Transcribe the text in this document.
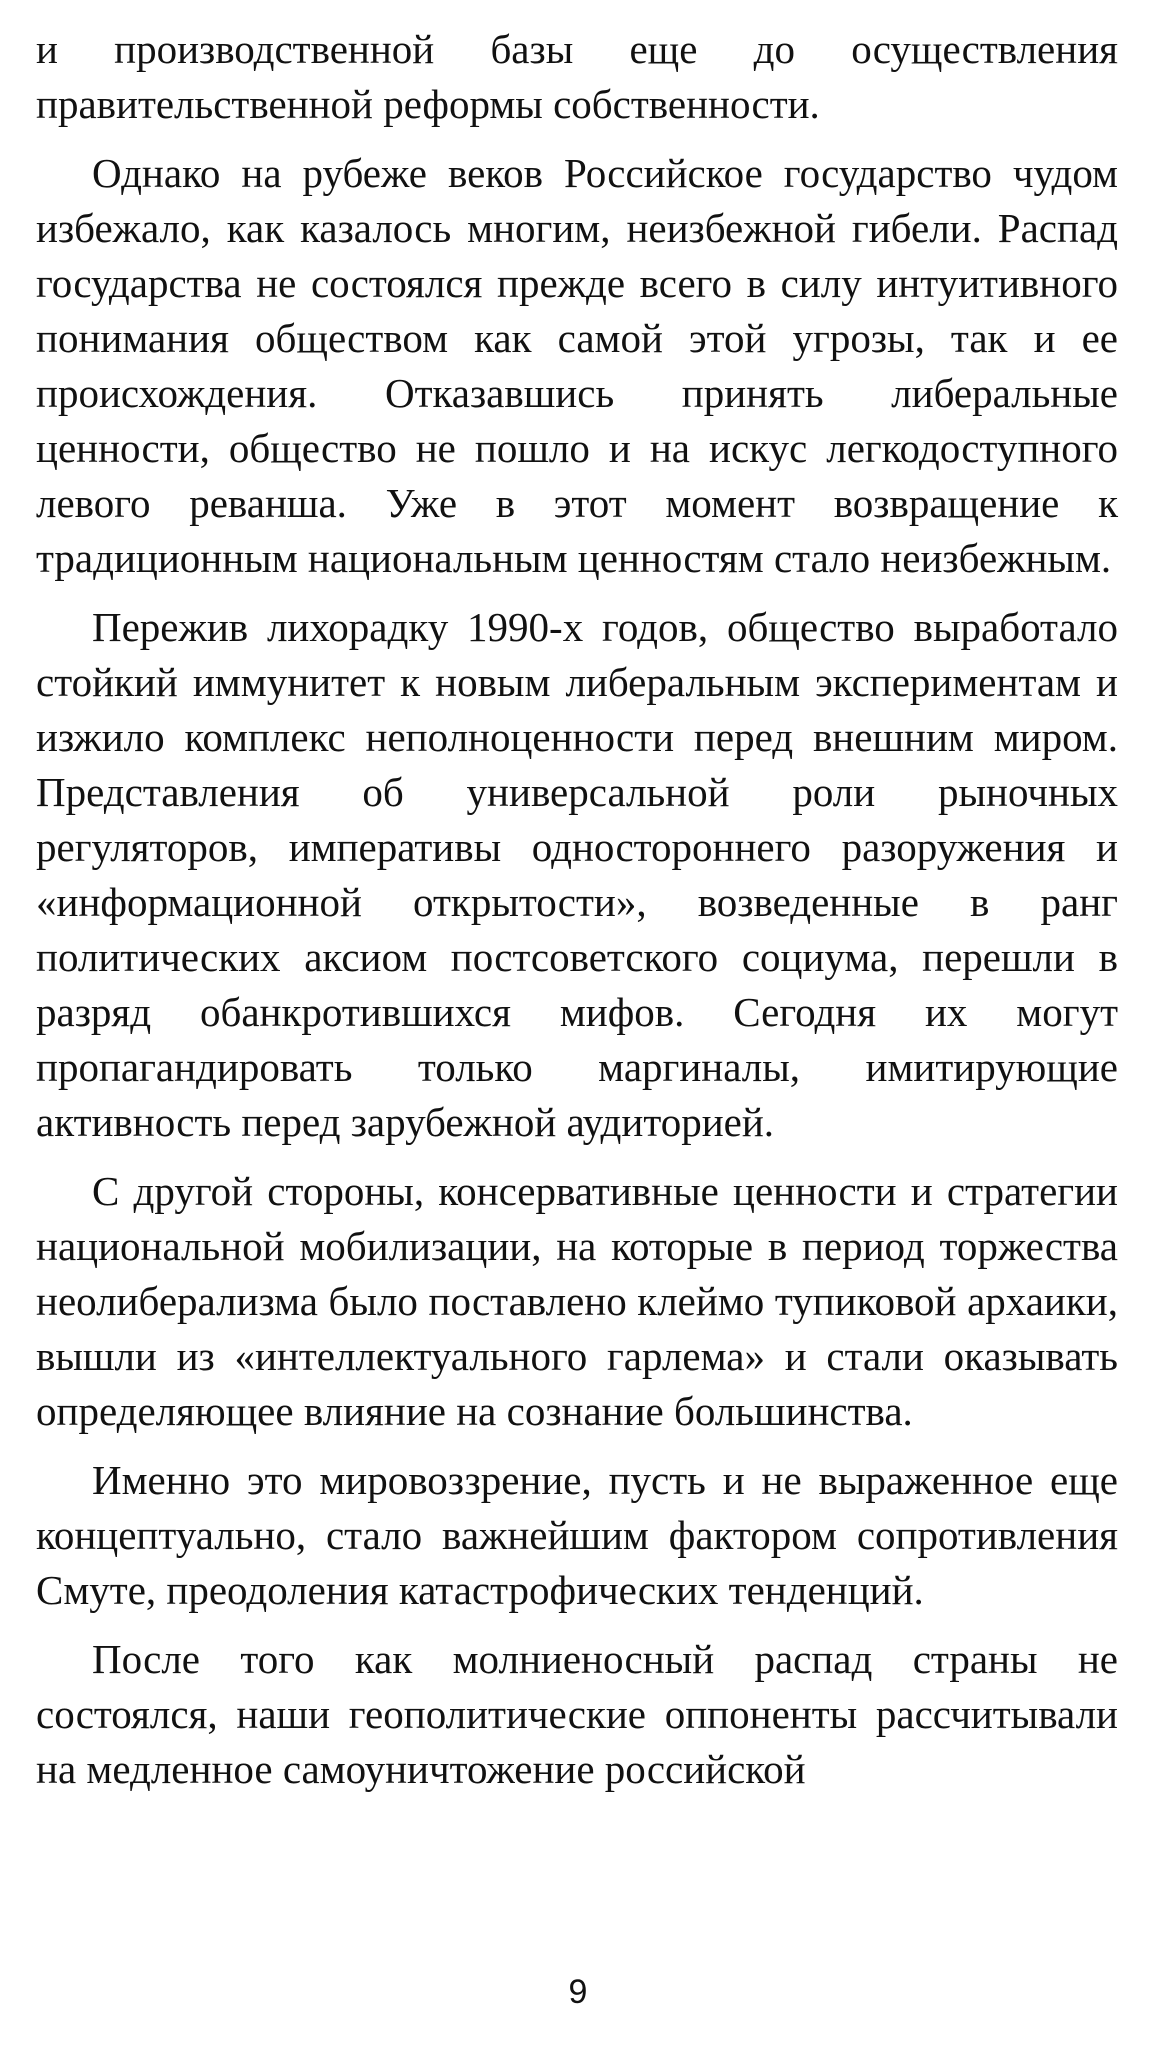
и производственной базы еще до осуществления правительственной реформы собственности.

Однако на рубеже веков Российское государство чудом избежало, как казалось многим, неизбежной гибели. Распад государства не состоялся прежде всего в силу интуитивного понимания обществом как самой этой угрозы, так и ее происхождения. Отказавшись принять либеральные ценности, общество не пошло и на искус легкодоступного левого реванша. Уже в этот момент возвращение к традиционным национальным ценностям стало неизбежным.

Пережив лихорадку 1990-х годов, общество выработало стойкий иммунитет к новым либеральным экспериментам и изжило комплекс неполноценности перед внешним миром. Представления об универсальной роли рыночных регуляторов, императивы одностороннего разоружения и «информационной открытости», возведенные в ранг политических аксиом постсоветского социума, перешли в разряд обанкротившихся мифов. Сегодня их могут пропагандировать только маргиналы, имитирующие активность перед зарубежной аудиторией.

С другой стороны, консервативные ценности и стратегии национальной мобилизации, на которые в период торжества неолиберализма было поставлено клеймо тупиковой архаики, вышли из «интеллектуального гарлема» и стали оказывать определяющее влияние на сознание большинства.

Именно это мировоззрение, пусть и не выраженное еще концептуально, стало важнейшим фактором сопротивления Смуте, преодоления катастрофических тенденций.

После того как молниеносный распад страны не состоялся, наши геополитические оппоненты рассчитывали на медленное самоуничтожение российской

9
